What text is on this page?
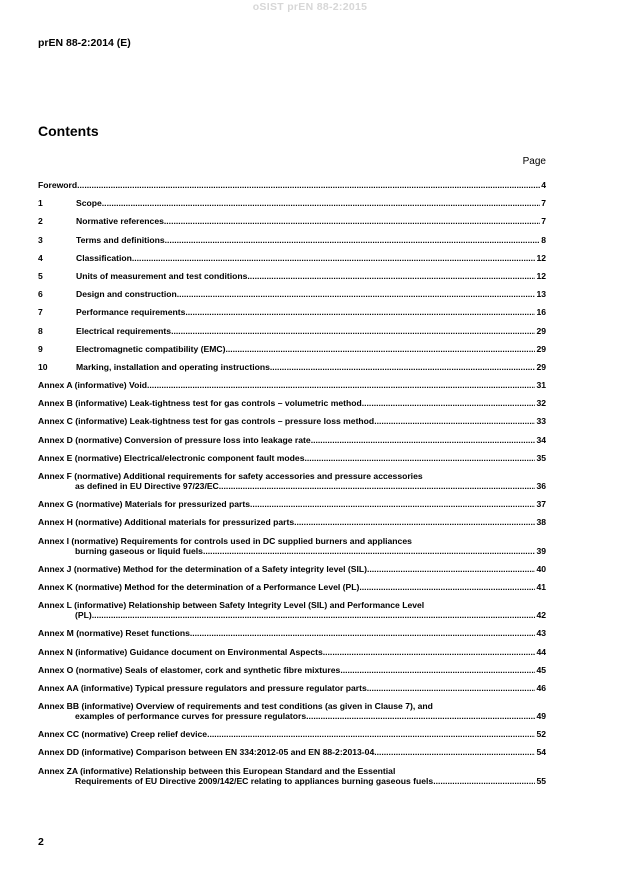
oSIST prEN 88-2:2015
prEN 88-2:2014 (E)
Contents
Page
Foreword .....	4
1	Scope .....	7
2	Normative references .....	7
3	Terms and definitions .....	8
4	Classification .....	12
5	Units of measurement and test conditions .....	12
6	Design and construction .....	13
7	Performance requirements .....	16
8	Electrical requirements .....	29
9	Electromagnetic compatibility (EMC) .....	29
10	Marking, installation and operating instructions .....	29
Annex A (informative) Void .....	31
Annex B (informative) Leak-tightness test for gas controls – volumetric method .....	32
Annex C (informative) Leak-tightness test for gas controls – pressure loss method .....	33
Annex D (normative) Conversion of pressure loss into leakage rate .....	34
Annex E (normative) Electrical/electronic component fault modes .....	35
Annex F (normative) Additional requirements for safety accessories and pressure accessories
as defined in EU Directive 97/23/EC .....	36
Annex G (normative) Materials for pressurized parts .....	37
Annex H (normative) Additional materials for pressurized parts .....	38
Annex I (normative) Requirements for controls used in DC supplied burners and appliances
burning gaseous or liquid fuels .....	39
Annex J (normative) Method for the determination of a Safety integrity level (SIL) .....	40
Annex K (normative) Method for the determination of a Performance Level (PL) .....	41
Annex L (informative) Relationship between Safety Integrity Level (SIL) and Performance Level
(PL) .....	42
Annex M (normative) Reset functions .....	43
Annex N (informative) Guidance document on Environmental Aspects .....	44
Annex O (normative) Seals of elastomer, cork and synthetic fibre mixtures .....	45
Annex AA (informative) Typical pressure regulators and pressure regulator parts .....	46
Annex BB (informative) Overview of requirements and test conditions (as given in Clause 7), and
examples of performance curves for pressure regulators .....	49
Annex CC (normative) Creep relief device .....	52
Annex DD (informative) Comparison between EN 334:2012-05 and EN 88-2:2013-04 .....	54
Annex ZA (informative) Relationship between this European Standard and the Essential
Requirements of EU Directive 2009/142/EC relating to appliances burning gaseous fuels .....	55
2
